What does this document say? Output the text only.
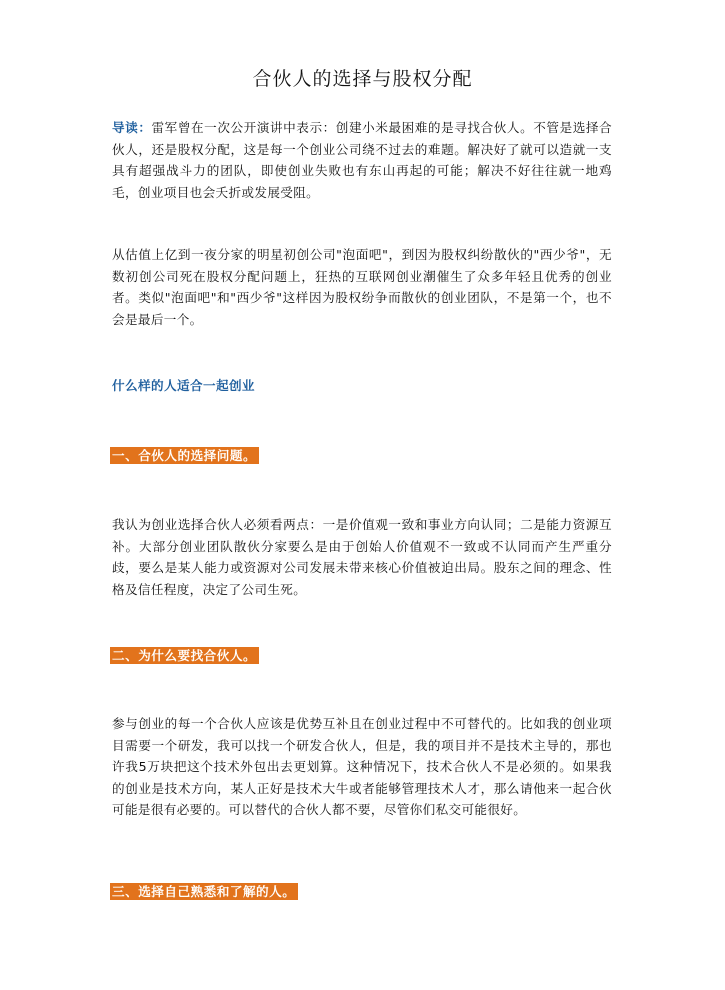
合伙人的选择与股权分配
导读：雷军曾在一次公开演讲中表示：创建小米最困难的是寻找合伙人。不管是选择合伙人，还是股权分配，这是每一个创业公司绕不过去的难题。解决好了就可以造就一支具有超强战斗力的团队，即使创业失败也有东山再起的可能；解决不好往往就一地鸡毛，创业项目也会夭折或发展受阻。
从估值上亿到一夜分家的明星初创公司"泡面吧"，到因为股权纠纷散伙的"西少爷"，无数初创公司死在股权分配问题上，狂热的互联网创业潮催生了众多年轻且优秀的创业者。类似"泡面吧"和"西少爷"这样因为股权纷争而散伙的创业团队，不是第一个，也不会是最后一个。
什么样的人适合一起创业
一、合伙人的选择问题。
我认为创业选择合伙人必须看两点：一是价值观一致和事业方向认同；二是能力资源互补。大部分创业团队散伙分家要么是由于创始人价值观不一致或不认同而产生严重分歧，要么是某人能力或资源对公司发展未带来核心价值被迫出局。股东之间的理念、性格及信任程度，决定了公司生死。
二、为什么要找合伙人。
参与创业的每一个合伙人应该是优势互补且在创业过程中不可替代的。比如我的创业项目需要一个研发，我可以找一个研发合伙人，但是，我的项目并不是技术主导的，那也许我5万块把这个技术外包出去更划算。这种情况下，技术合伙人不是必须的。如果我的创业是技术方向，某人正好是技术大牛或者能够管理技术人才，那么请他来一起合伙可能是很有必要的。可以替代的合伙人都不要，尽管你们私交可能很好。
三、选择自己熟悉和了解的人。
